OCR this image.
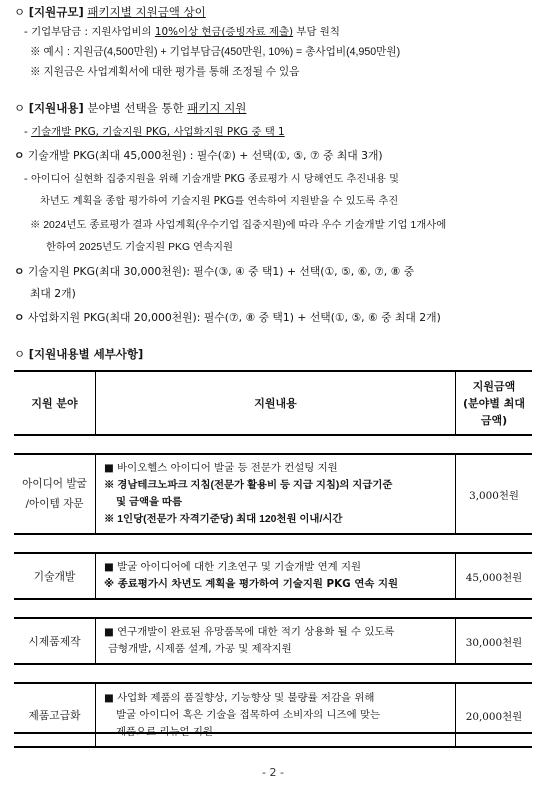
ㅇ [지원규모] 패키지별 지원금액 상이
- 기업부담금 : 지원사업비의 10%이상 현금(증빙자료 제출) 부담 원칙
※ 예시 : 지원금(4,500만원) + 기업부담금(450만원, 10%) = 총사업비(4,950만원)
※ 지원금은 사업계획서에 대한 평가를 통해 조정될 수 있음
ㅇ [지원내용] 분야별 선택을 통한 패키지 지원
- 기술개발 PKG, 기술지원 PKG, 사업화지원 PKG 중 택 1
ㅇ 기술개발 PKG(최대 45,000천원) : 필수(②) + 선택(①, ⑤, ⑦ 중 최대 3개)
- 아이디어 실현화 집중지원을 위해 기술개발 PKG 종료평가 시 당해연도 추진내용 및
차년도 계획을 종합 평가하여 기술지원 PKG를 연속하여 지원받을 수 있도록 추진
※ 2024년도 종료평가 결과 사업계획(우수기업 집중지원)에 따라 우수 기술개발 기업 1개사에
한하여 2025년도 기술지원 PKG 연속지원
ㅇ 기술지원 PKG(최대 30,000천원): 필수(③, ④ 중 택1) + 선택(①, ⑤, ⑥, ⑦, ⑧ 중
최대 2개)
ㅇ 사업화지원 PKG(최대 20,000천원): 필수(⑦, ⑧ 중 택1) + 선택(①, ⑤, ⑥ 중 최대 2개)
ㅇ [지원내용별 세부사항]
지원 분야	지원내용	지원금액
(분야별 최대
금액)

아이디어 발굴
/아이템 자문	■ 바이오헬스 아이디어 발굴 등 전문가 컨설팅 지원
※ 경남테크노파크 지침(전문가 활용비 등 지급 지침)의 지급기준
및 금액을 따름
※ 1인당(전문가 자격기준당) 최대 120천원 이내/시간	3,000천원

기술개발	■ 발굴 아이디어에 대한 기초연구 및 기술개발 연계 지원
※ 종료평가시 차년도 계획을 평가하여 기술지원 PKG 연속 지원	45,000천원

시제품제작	■ 연구개발이 완료된 유망품목에 대한 적기 상용화 될 수 있도록
금형개발, 시제품 설계, 가공 및 제작지원	30,000천원

제품고급화	■ 사업화 제품의 품질향상, 기능향상 및 불량률 저감을 위해
발굴 아이디어 혹은 기술을 접목하여 소비자의 니즈에 맞는
제품으로 리뉴얼 지원	20,000천원
- 2 -
